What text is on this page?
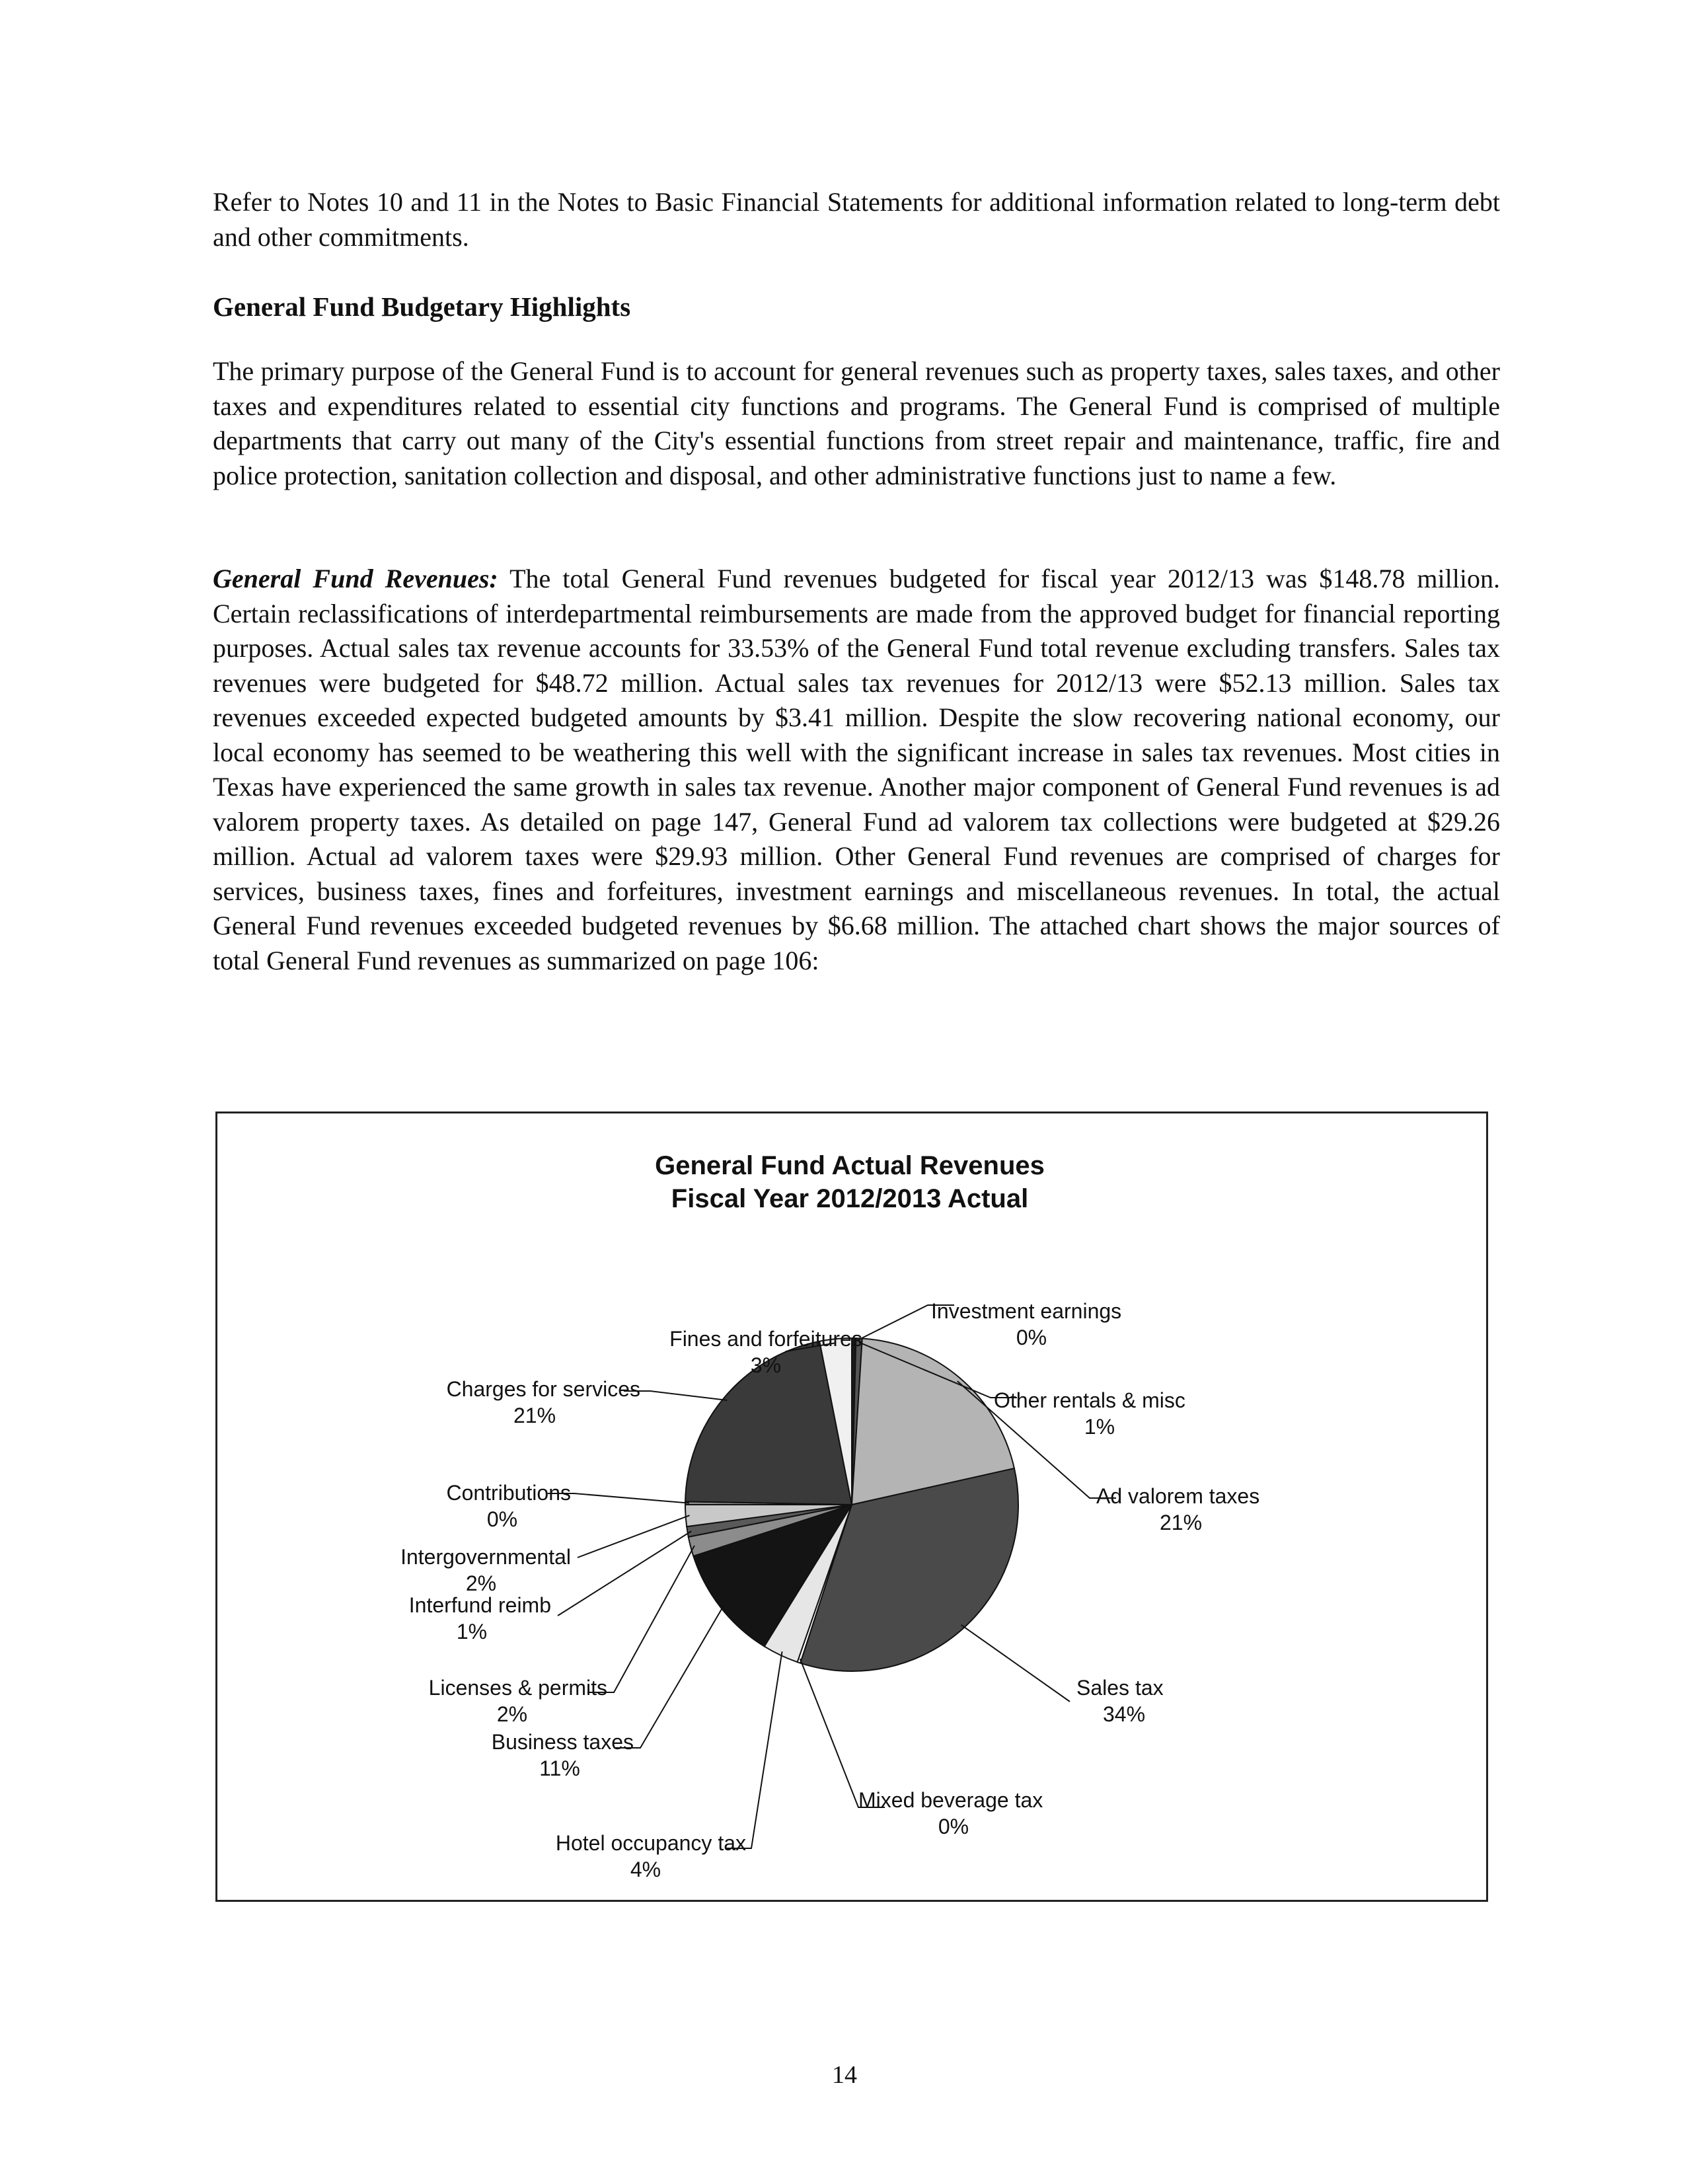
Refer to Notes 10 and 11 in the Notes to Basic Financial Statements for additional information related to long-term debt and other commitments.

General Fund Budgetary Highlights

The primary purpose of the General Fund is to account for general revenues such as property taxes, sales taxes, and other taxes and expenditures related to essential city functions and programs. The General Fund is comprised of multiple departments that carry out many of the City's essential functions from street repair and maintenance, traffic, fire and police protection, sanitation collection and disposal, and other administrative functions just to name a few.

General Fund Revenues: The total General Fund revenues budgeted for fiscal year 2012/13 was $148.78 million. Certain reclassifications of interdepartmental reimbursements are made from the approved budget for financial reporting purposes. Actual sales tax revenue accounts for 33.53% of the General Fund total revenue excluding transfers. Sales tax revenues were budgeted for $48.72 million. Actual sales tax revenues for 2012/13 were $52.13 million. Sales tax revenues exceeded expected budgeted amounts by $3.41 million. Despite the slow recovering national economy, our local economy has seemed to be weathering this well with the significant increase in sales tax revenues. Most cities in Texas have experienced the same growth in sales tax revenue. Another major component of General Fund revenues is ad valorem property taxes. As detailed on page 147, General Fund ad valorem tax collections were budgeted at $29.26 million. Actual ad valorem taxes were $29.93 million. Other General Fund revenues are comprised of charges for services, business taxes, fines and forfeitures, investment earnings and miscellaneous revenues. In total, the actual General Fund revenues exceeded budgeted revenues by $6.68 million. The attached chart shows the major sources of total General Fund revenues as summarized on page 106:

General Fund Actual Revenues
Fiscal Year 2012/2013 Actual
Investment earnings
0%
Other rentals & misc
1%
Ad valorem taxes
21%
Sales tax
34%
Mixed beverage tax
0%
Hotel occupancy tax
4%
Business taxes
11%
Licenses & permits
2%
Interfund reimb
1%
Intergovernmental
2%
Contributions
0%
Charges for services
21%
Fines and forfeitures
3%
14
